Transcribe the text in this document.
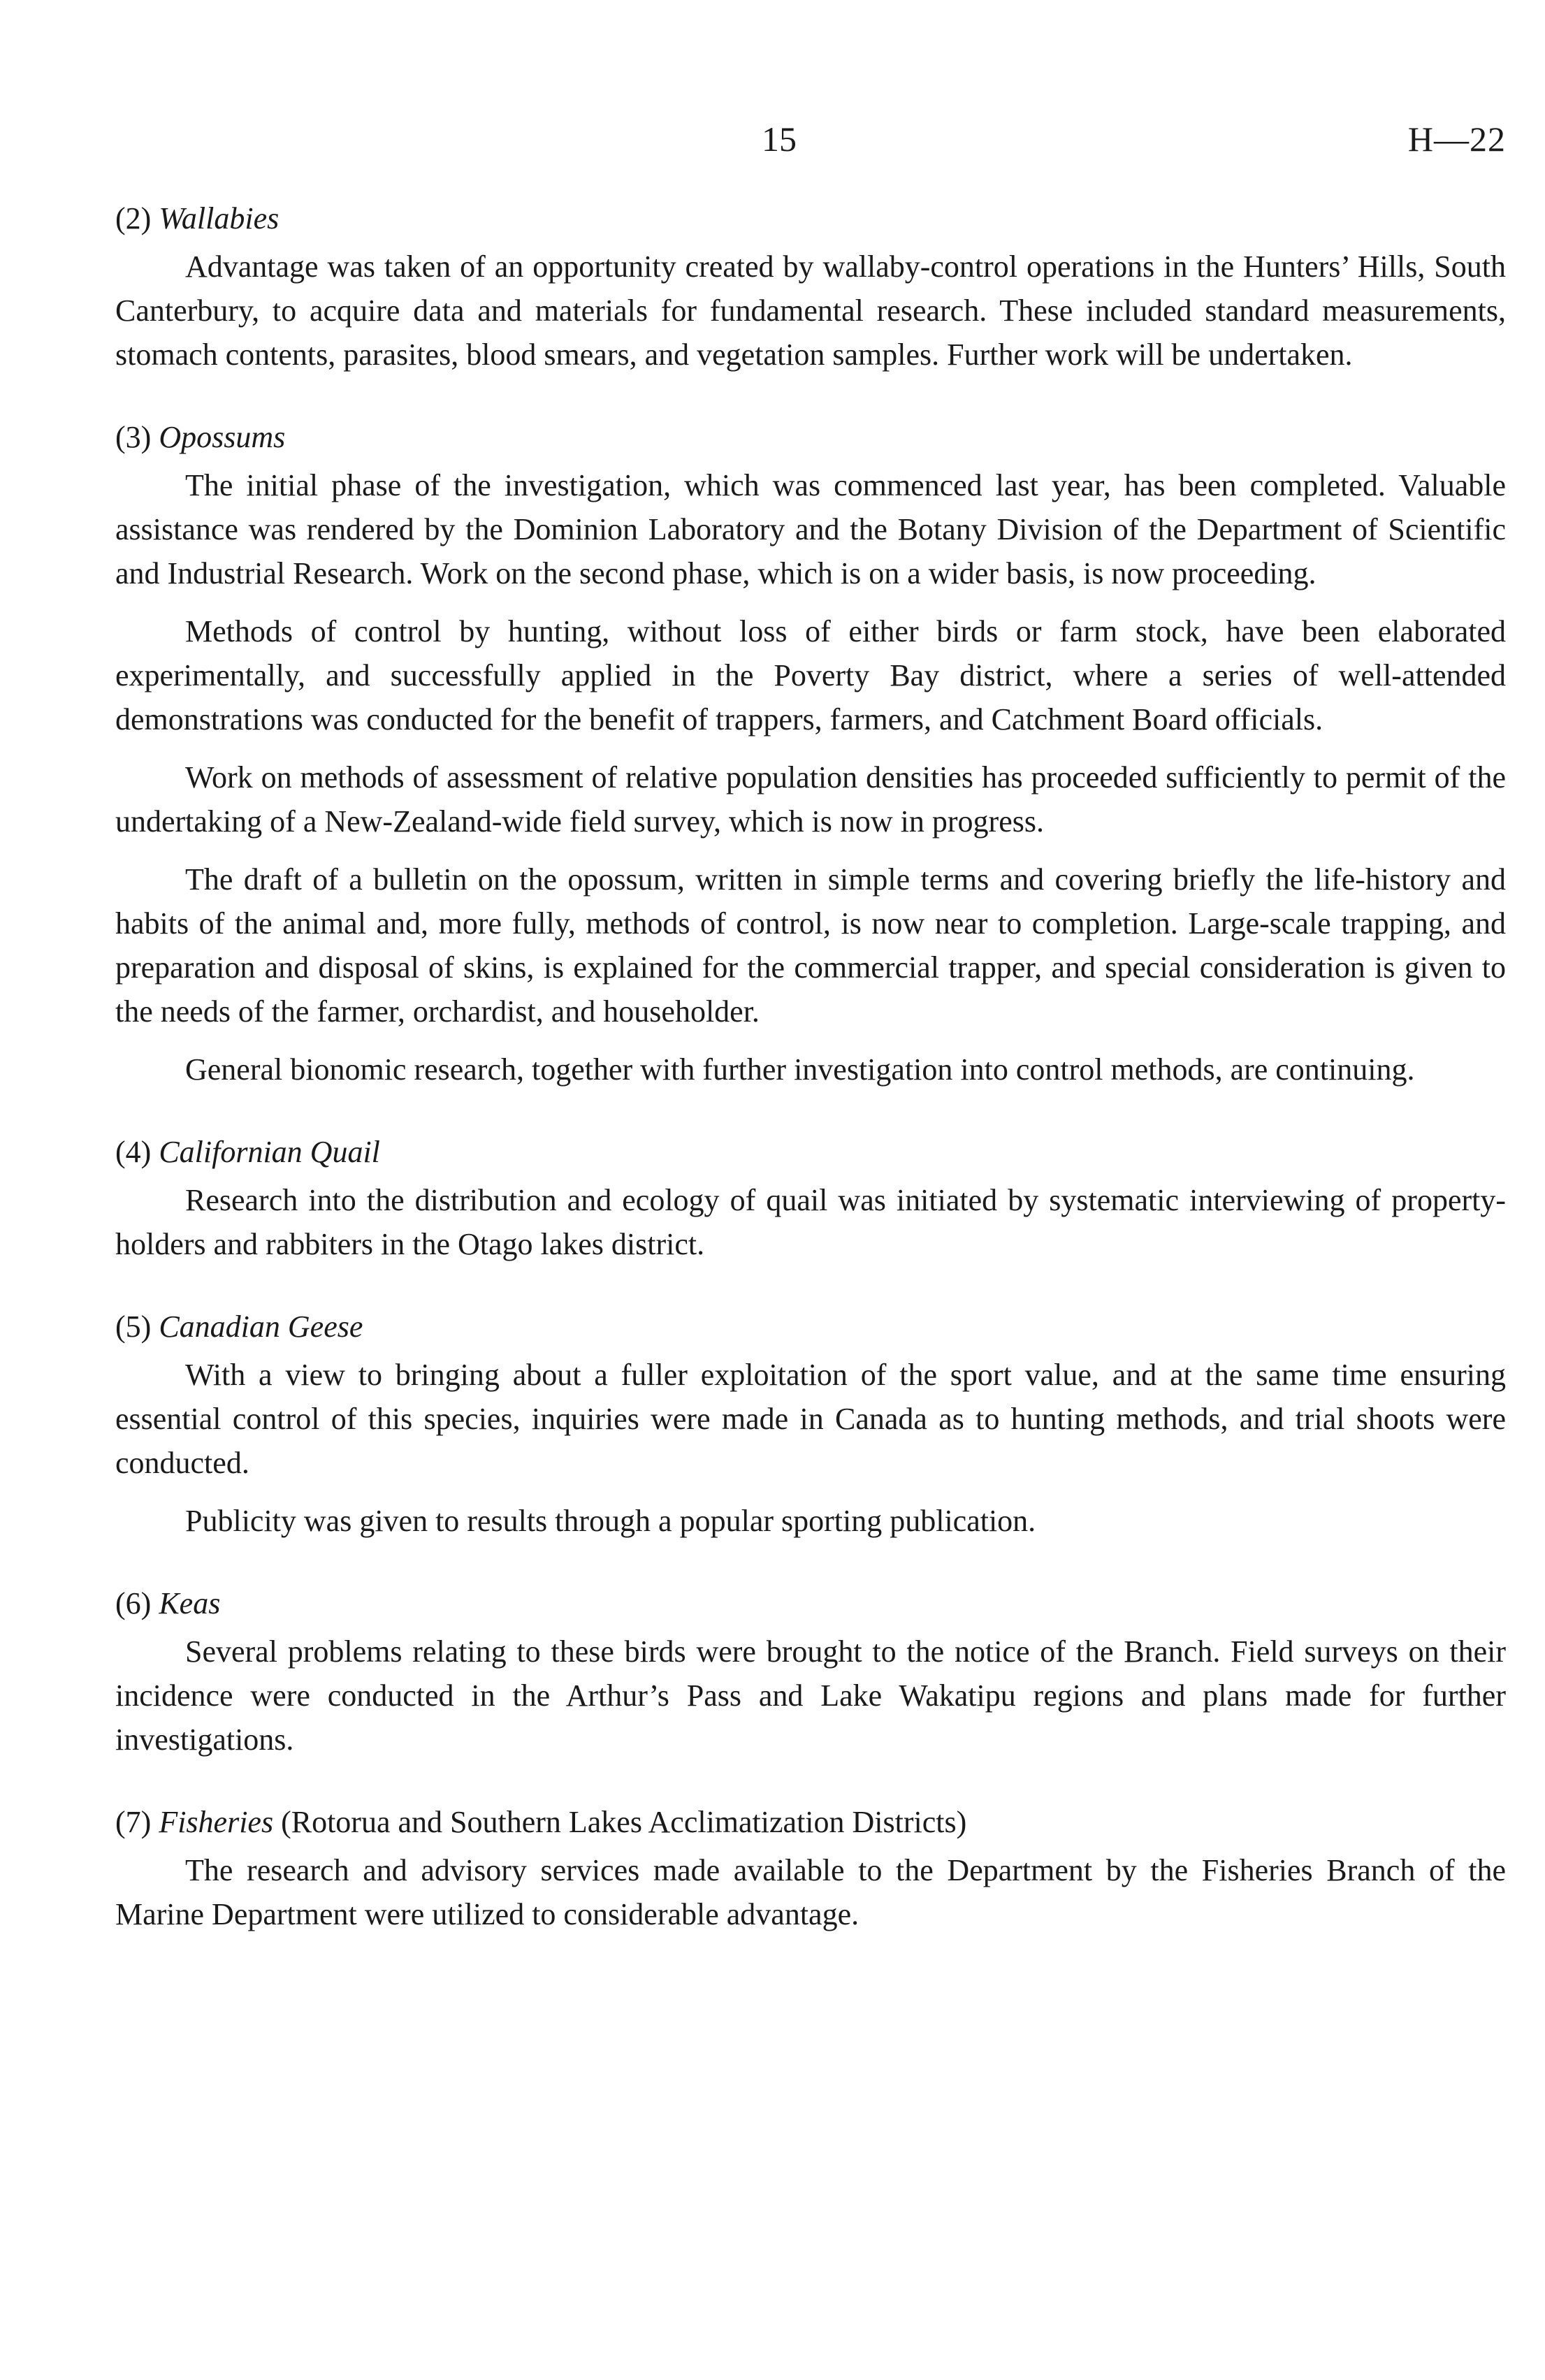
15	H—22
(2) Wallabies

Advantage was taken of an opportunity created by wallaby-control operations in the Hunters’ Hills, South Canterbury, to acquire data and materials for fundamental research. These included standard measurements, stomach contents, parasites, blood smears, and vegetation samples. Further work will be undertaken.

(3) Opossums

The initial phase of the investigation, which was commenced last year, has been completed. Valuable assistance was rendered by the Dominion Laboratory and the Botany Division of the Department of Scientific and Industrial Research. Work on the second phase, which is on a wider basis, is now proceeding.

Methods of control by hunting, without loss of either birds or farm stock, have been elaborated experimentally, and successfully applied in the Poverty Bay district, where a series of well-attended demonstrations was conducted for the benefit of trappers, farmers, and Catchment Board officials.

Work on methods of assessment of relative population densities has proceeded sufficiently to permit of the undertaking of a New-Zealand-wide field survey, which is now in progress.

The draft of a bulletin on the opossum, written in simple terms and covering briefly the life-history and habits of the animal and, more fully, methods of control, is now near to completion. Large-scale trapping, and preparation and disposal of skins, is explained for the commercial trapper, and special consideration is given to the needs of the farmer, orchardist, and householder.

General bionomic research, together with further investigation into control methods, are continuing.

(4) Californian Quail

Research into the distribution and ecology of quail was initiated by systematic interviewing of property-holders and rabbiters in the Otago lakes district.

(5) Canadian Geese

With a view to bringing about a fuller exploitation of the sport value, and at the same time ensuring essential control of this species, inquiries were made in Canada as to hunting methods, and trial shoots were conducted.

Publicity was given to results through a popular sporting publication.

(6) Keas

Several problems relating to these birds were brought to the notice of the Branch. Field surveys on their incidence were conducted in the Arthur’s Pass and Lake Wakatipu regions and plans made for further investigations.

(7) Fisheries (Rotorua and Southern Lakes Acclimatization Districts)

The research and advisory services made available to the Department by the Fisheries Branch of the Marine Department were utilized to considerable advantage.
